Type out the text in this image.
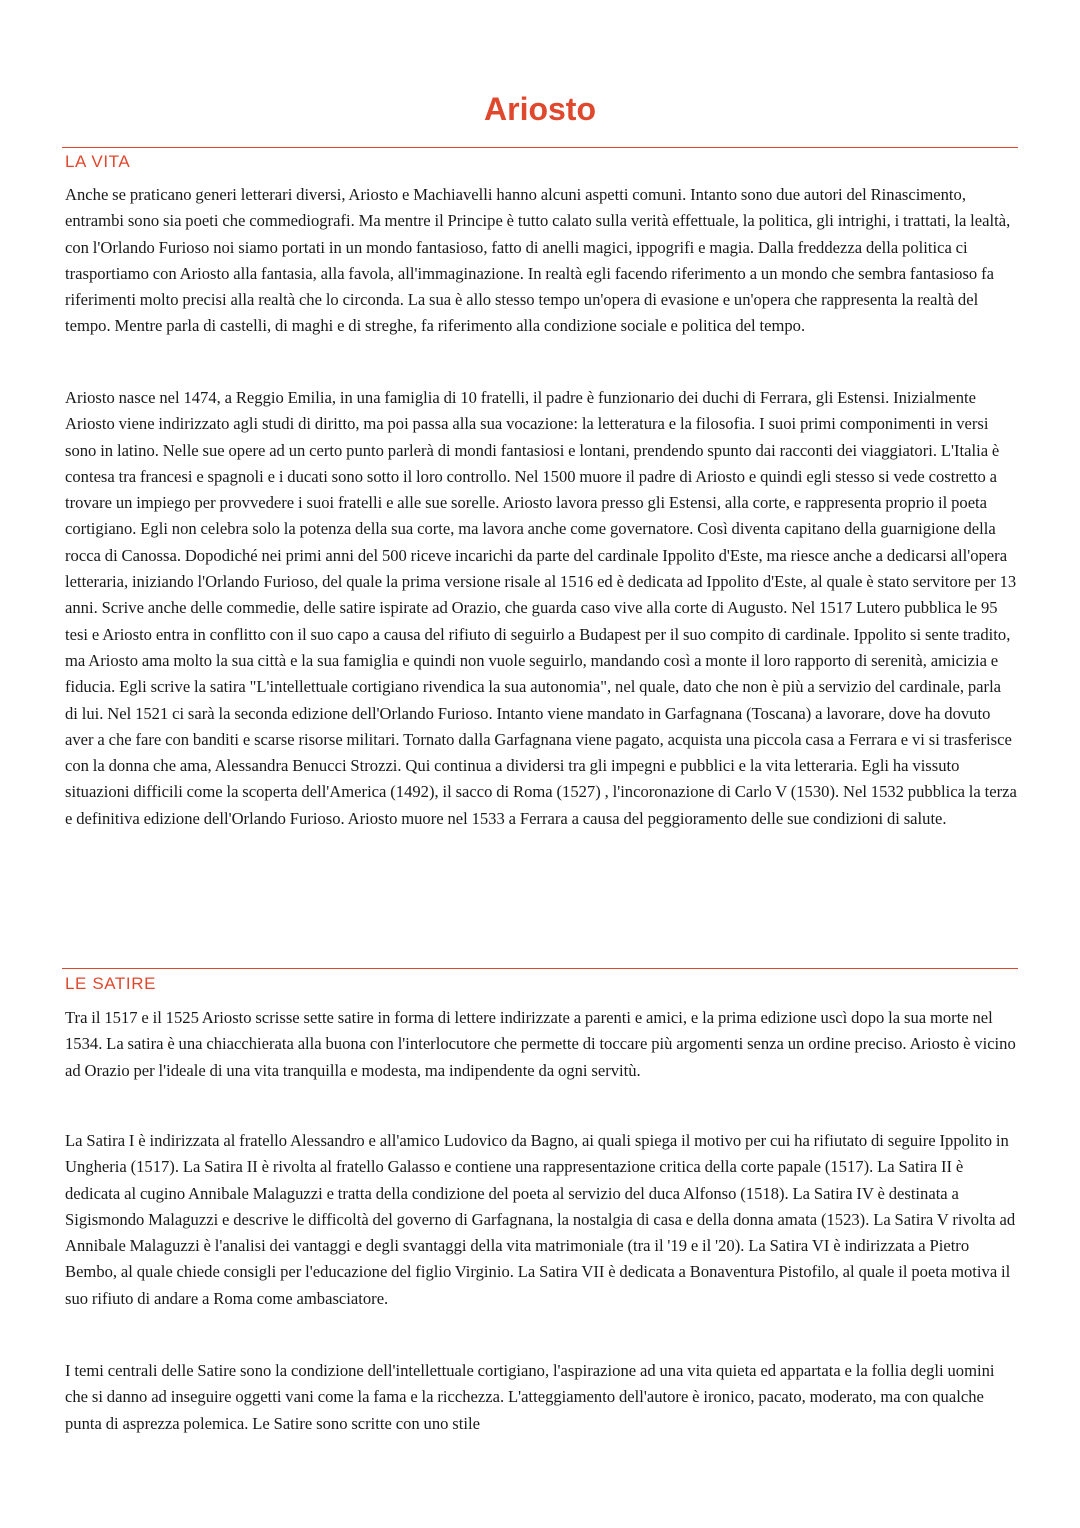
Ariosto
LA VITA

Anche se praticano generi letterari diversi, Ariosto e Machiavelli hanno alcuni aspetti comuni. Intanto sono due autori del Rinascimento, entrambi sono sia poeti che commediografi. Ma mentre il Principe è tutto calato sulla verità effettuale, la politica, gli intrighi, i trattati, la lealtà, con l'Orlando Furioso noi siamo portati in un mondo fantasioso, fatto di anelli magici, ippogrifi e magia. Dalla freddezza della politica ci trasportiamo con Ariosto alla fantasia, alla favola, all'immaginazione. In realtà egli facendo riferimento a un mondo che sembra fantasioso fa riferimenti molto precisi alla realtà che lo circonda. La sua è allo stesso tempo un'opera di evasione e un'opera che rappresenta la realtà del tempo. Mentre parla di castelli, di maghi e di streghe, fa riferimento alla condizione sociale e politica del tempo.

Ariosto nasce nel 1474, a Reggio Emilia, in una famiglia di 10 fratelli, il padre è funzionario dei duchi di Ferrara, gli Estensi. Inizialmente Ariosto viene indirizzato agli studi di diritto, ma poi passa alla sua vocazione: la letteratura e la filosofia. I suoi primi componimenti in versi sono in latino. Nelle sue opere ad un certo punto parlerà di mondi fantasiosi e lontani, prendendo spunto dai racconti dei viaggiatori. L'Italia è contesa tra francesi e spagnoli e i ducati sono sotto il loro controllo. Nel 1500 muore il padre di Ariosto e quindi egli stesso si vede costretto a trovare un impiego per provvedere i suoi fratelli e alle sue sorelle. Ariosto lavora presso gli Estensi, alla corte, e rappresenta proprio il poeta cortigiano. Egli non celebra solo la potenza della sua corte, ma lavora anche come governatore. Così diventa capitano della guarnigione della rocca di Canossa. Dopodiché nei primi anni del 500 riceve incarichi da parte del cardinale Ippolito d'Este, ma riesce anche a dedicarsi all'opera letteraria, iniziando l'Orlando Furioso, del quale la prima versione risale al 1516 ed è dedicata ad Ippolito d'Este, al quale è stato servitore per 13 anni. Scrive anche delle commedie, delle satire ispirate ad Orazio, che guarda caso vive alla corte di Augusto. Nel 1517 Lutero pubblica le 95 tesi e Ariosto entra in conflitto con il suo capo a causa del rifiuto di seguirlo a Budapest per il suo compito di cardinale. Ippolito si sente tradito, ma Ariosto ama molto la sua città e la sua famiglia e quindi non vuole seguirlo, mandando così a monte il loro rapporto di serenità, amicizia e fiducia. Egli scrive la satira "L'intellettuale cortigiano rivendica la sua autonomia", nel quale, dato che non è più a servizio del cardinale, parla di lui. Nel 1521 ci sarà la seconda edizione dell'Orlando Furioso. Intanto viene mandato in Garfagnana (Toscana) a lavorare, dove ha dovuto aver a che fare con banditi e scarse risorse militari. Tornato dalla Garfagnana viene pagato, acquista una piccola casa a Ferrara e vi si trasferisce con la donna che ama, Alessandra Benucci Strozzi. Qui continua a dividersi tra gli impegni e pubblici e la vita letteraria. Egli ha vissuto situazioni difficili come la scoperta dell'America (1492), il sacco di Roma (1527) , l'incoronazione di Carlo V (1530). Nel 1532 pubblica la terza e definitiva edizione dell'Orlando Furioso. Ariosto muore nel 1533 a Ferrara a causa del peggioramento delle sue condizioni di salute.

LE SATIRE

Tra il 1517 e il 1525 Ariosto scrisse sette satire in forma di lettere indirizzate a parenti e amici, e la prima edizione uscì dopo la sua morte nel 1534. La satira è una chiacchierata alla buona con l'interlocutore che permette di toccare più argomenti senza un ordine preciso. Ariosto è vicino ad Orazio per l'ideale di una vita tranquilla e modesta, ma indipendente da ogni servitù.

La Satira I è indirizzata al fratello Alessandro e all'amico Ludovico da Bagno, ai quali spiega il motivo per cui ha rifiutato di seguire Ippolito in Ungheria (1517). La Satira II è rivolta al fratello Galasso e contiene una rappresentazione critica della corte papale (1517). La Satira II è dedicata al cugino Annibale Malaguzzi e tratta della condizione del poeta al servizio del duca Alfonso (1518). La Satira IV è destinata a Sigismondo Malaguzzi e descrive le difficoltà del governo di Garfagnana, la nostalgia di casa e della donna amata (1523). La Satira V rivolta ad Annibale Malaguzzi è l'analisi dei vantaggi e degli svantaggi della vita matrimoniale (tra il '19 e il '20). La Satira VI è indirizzata a Pietro Bembo, al quale chiede consigli per l'educazione del figlio Virginio. La Satira VII è dedicata a Bonaventura Pistofilo, al quale il poeta motiva il suo rifiuto di andare a Roma come ambasciatore.

I temi centrali delle Satire sono la condizione dell'intellettuale cortigiano, l'aspirazione ad una vita quieta ed appartata e la follia degli uomini che si danno ad inseguire oggetti vani come la fama e la ricchezza. L'atteggiamento dell'autore è ironico, pacato, moderato, ma con qualche punta di asprezza polemica. Le Satire sono scritte con uno stile
